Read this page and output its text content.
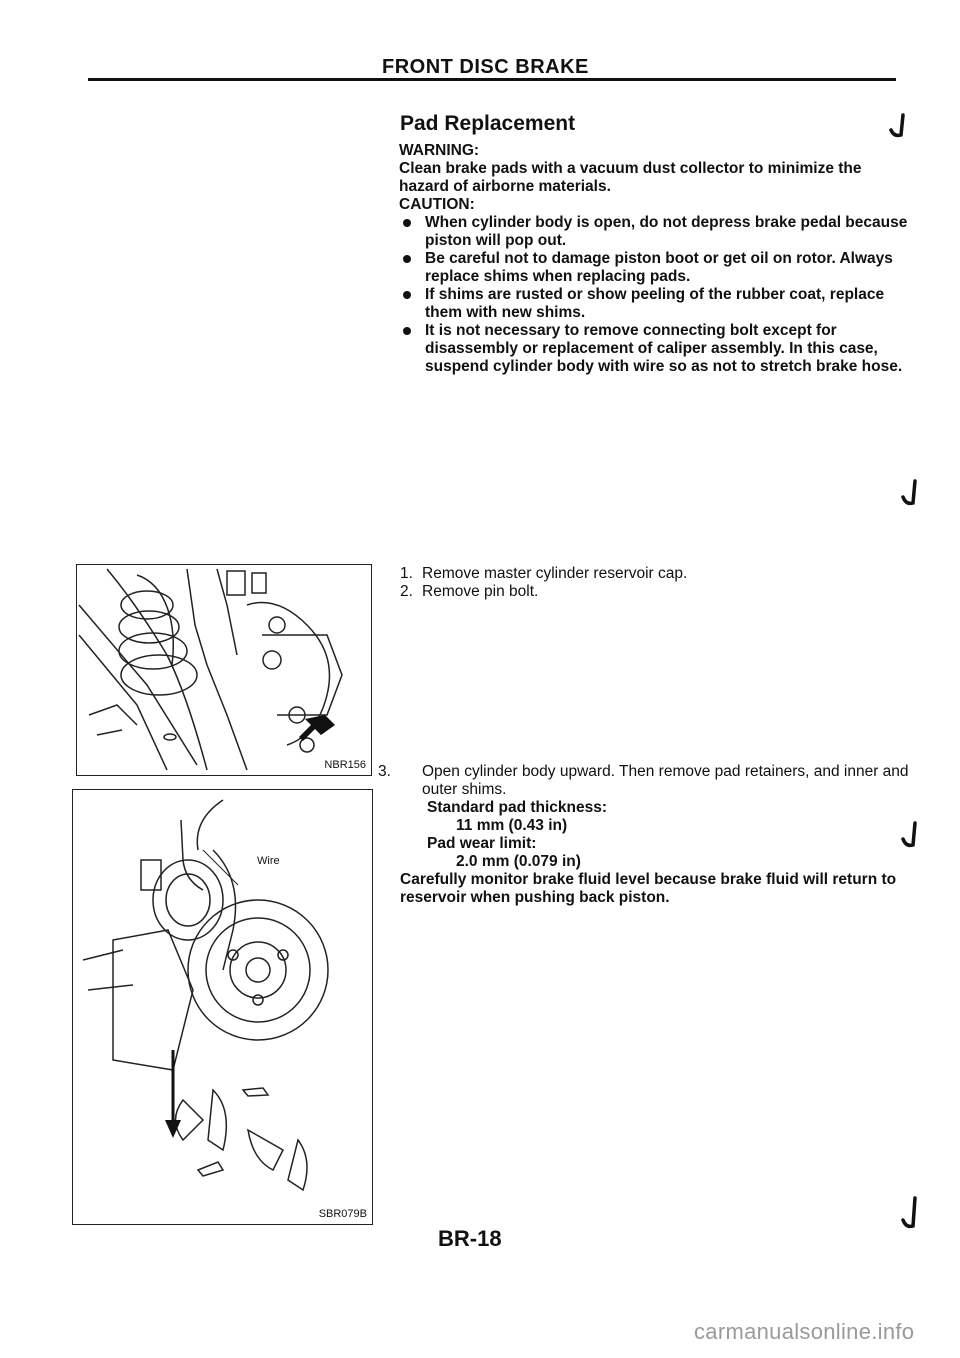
FRONT DISC BRAKE
Pad Replacement

WARNING:

Clean brake pads with a vacuum dust collector to minimize the hazard of airborne materials.

CAUTION:

When cylinder body is open, do not depress brake pedal because piston will pop out.
Be careful not to damage piston boot or get oil on rotor. Always replace shims when replacing pads.
If shims are rusted or show peeling of the rubber coat, replace them with new shims.
It is not necessary to remove connecting bolt except for disassembly or replacement of caliper assembly. In this case, suspend cylinder body with wire so as not to stretch brake hose.
NBR156
1. Remove master cylinder reservoir cap.
2. Remove pin bolt.
Wire
SBR079B
3. Open cylinder body upward. Then remove pad retainers, and inner and outer shims.
Standard pad thickness:
11 mm (0.43 in)
Pad wear limit:
2.0 mm (0.079 in)
Carefully monitor brake fluid level because brake fluid will return to reservoir when pushing back piston.
BR-18
carmanualsonline.info
